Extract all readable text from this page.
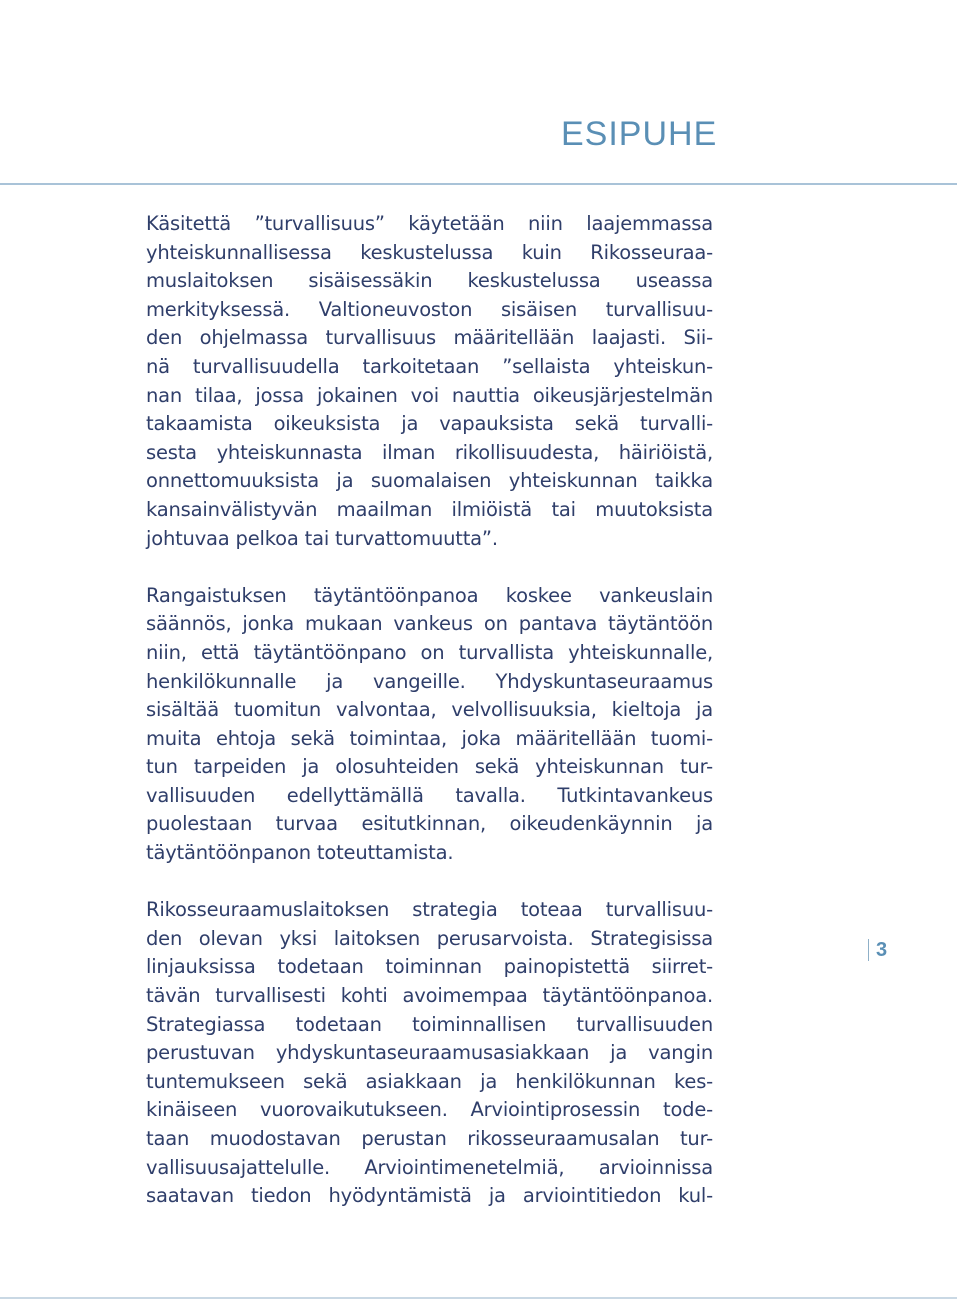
ESIPUHE
Käsitettä ”turvallisuus” käytetään niin laajemmassa
yhteiskunnallisessa keskustelussa kuin Rikosseuraa-
muslaitoksen sisäisessäkin keskustelussa useassa
merkityksessä. Valtioneuvoston sisäisen turvallisuu-
den ohjelmassa turvallisuus määritellään laajasti. Sii-
nä turvallisuudella tarkoitetaan ”sellaista yhteiskun-
nan tilaa, jossa jokainen voi nauttia oikeusjärjestelmän
takaamista oikeuksista ja vapauksista sekä turvalli-
sesta yhteiskunnasta ilman rikollisuudesta, häiriöistä,
onnettomuuksista ja suomalaisen yhteiskunnan taikka
kansainvälistyvän maailman ilmiöistä tai muutoksista
johtuvaa pelkoa tai turvattomuutta”.
Rangaistuksen täytäntöönpanoa koskee vankeuslain
säännös, jonka mukaan vankeus on pantava täytäntöön
niin, että täytäntöönpano on turvallista yhteiskunnalle,
henkilökunnalle ja vangeille. Yhdyskuntaseuraamus
sisältää tuomitun valvontaa, velvollisuuksia, kieltoja ja
muita ehtoja sekä toimintaa, joka määritellään tuomi-
tun tarpeiden ja olosuhteiden sekä yhteiskunnan tur-
vallisuuden edellyttämällä tavalla. Tutkintavankeus
puolestaan turvaa esitutkinnan, oikeudenkäynnin ja
täytäntöönpanon toteuttamista.
Rikosseuraamuslaitoksen strategia toteaa turvallisuu-
den olevan yksi laitoksen perusarvoista. Strategisissa
linjauksissa todetaan toiminnan painopistettä siirret-
tävän turvallisesti kohti avoimempaa täytäntöönpanoa.
Strategiassa todetaan toiminnallisen turvallisuuden
perustuvan yhdyskuntaseuraamusasiakkaan ja vangin
tuntemukseen sekä asiakkaan ja henkilökunnan kes-
kinäiseen vuorovaikutukseen. Arviointiprosessin tode-
taan muodostavan perustan rikosseuraamusalan tur-
vallisuusajattelulle. Arviointimenetelmiä, arvioinnissa
saatavan tiedon hyödyntämistä ja arviointitiedon kul-
3
